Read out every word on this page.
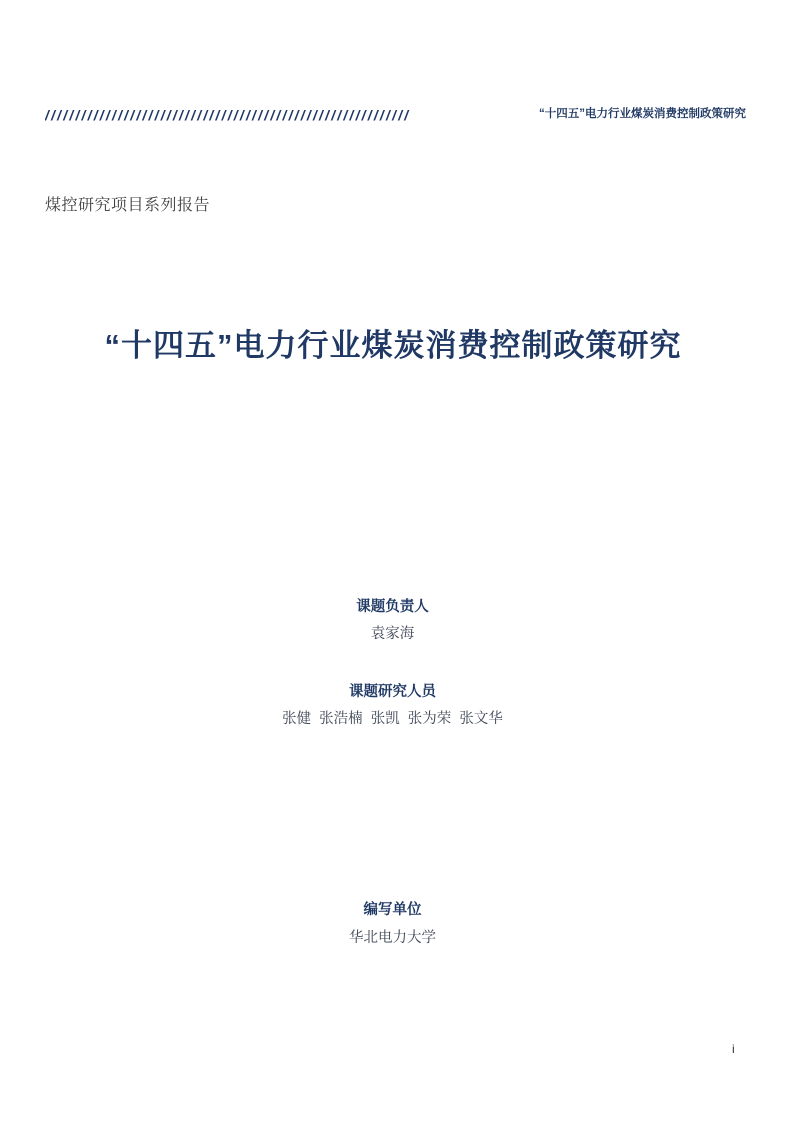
////////////////////////////////////////////////////////////	“十四五”电力行业煤炭消费控制政策研究
煤控研究项目系列报告
“十四五”电力行业煤炭消费控制政策研究
课题负责人
袁家海
课题研究人员
张健  张浩楠  张凯  张为荣  张文华
编写单位
华北电力大学
i
